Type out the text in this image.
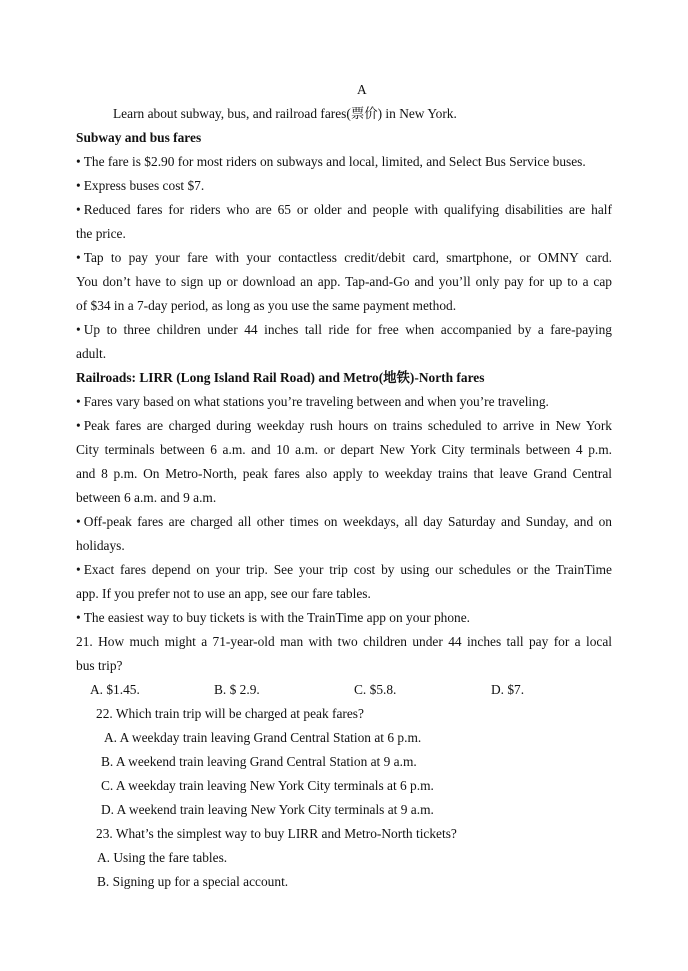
A
Learn about subway, bus, and railroad fares(票价) in New York.
Subway and bus fares
• The fare is $2.90 for most riders on subways and local, limited, and Select Bus Service buses.
• Express buses cost $7.
• Reduced fares for riders who are 65 or older and people with qualifying disabilities are half
the price.
• Tap to pay your fare with your contactless credit/debit card, smartphone, or OMNY card.
You don’t have to sign up or download an app. Tap-and-Go and you’ll only pay for up to a cap
of $34 in a 7-day period, as long as you use the same payment method.
• Up to three children under 44 inches tall ride for free when accompanied by a fare-paying
adult.
Railroads: LIRR (Long Island Rail Road) and Metro(地铁)-North fares
• Fares vary based on what stations you’re traveling between and when you’re traveling.
• Peak fares are charged during weekday rush hours on trains scheduled to arrive in New York
City terminals between 6 a.m. and 10 a.m. or depart New York City terminals between 4 p.m.
and 8 p.m. On Metro-North, peak fares also apply to weekday trains that leave Grand Central
between 6 a.m. and 9 a.m.
• Off-peak fares are charged all other times on weekdays, all day Saturday and Sunday, and on
holidays.
• Exact fares depend on your trip. See your trip cost by using our schedules or the TrainTime
app. If you prefer not to use an app, see our fare tables.
• The easiest way to buy tickets is with the TrainTime app on your phone.
21. How much might a 71-year-old man with two children under 44 inches tall pay for a local
bus trip?
A. $1.45.	B. $ 2.9.	C. $5.8.	D. $7.
22. Which train trip will be charged at peak fares?
A. A weekday train leaving Grand Central Station at 6 p.m.
B. A weekend train leaving Grand Central Station at 9 a.m.
C. A weekday train leaving New York City terminals at 6 p.m.
D. A weekend train leaving New York City terminals at 9 a.m.
23. What’s the simplest way to buy LIRR and Metro-North tickets?
A. Using the fare tables.
B. Signing up for a special account.
